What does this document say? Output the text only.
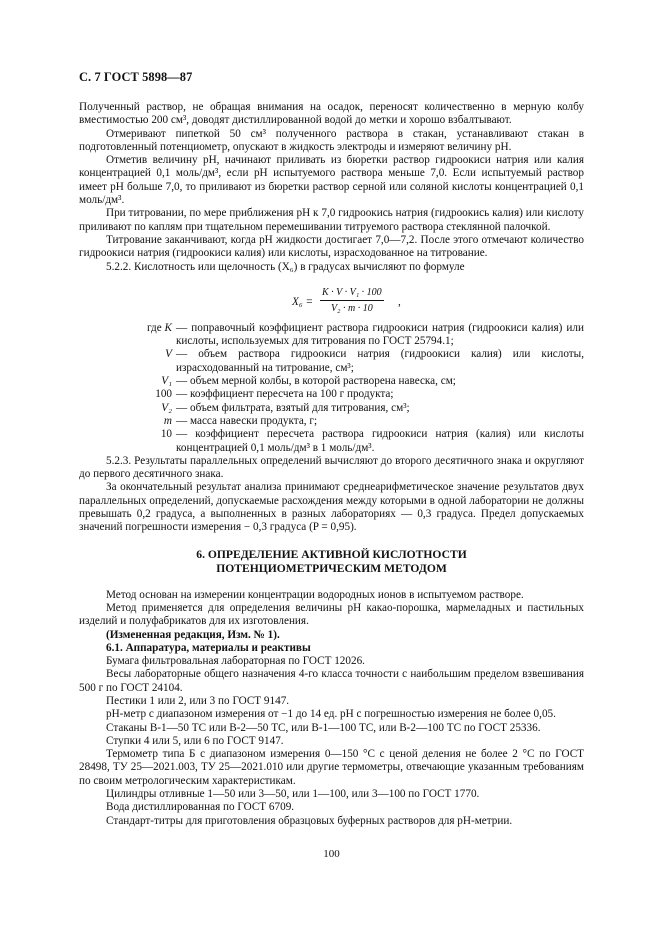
С. 7 ГОСТ 5898—87

Полученный раствор, не обращая внимания на осадок, переносят количественно в мерную колбу вместимостью 200 см³, доводят дистиллированной водой до метки и хорошо взбалтывают.

Отмеривают пипеткой 50 см³ полученного раствора в стакан, устанавливают стакан в подготовленный потенциометр, опускают в жидкость электроды и измеряют величину рН.

Отметив величину рН, начинают приливать из бюретки раствор гидроокиси натрия или калия концентрацией 0,1 моль/дм³, если рН испытуемого раствора меньше 7,0. Если испытуемый раствор имеет рН больше 7,0, то приливают из бюретки раствор серной или соляной кислоты концентрацией 0,1 моль/дм³.

При титровании, по мере приближения рН к 7,0 гидроокись натрия (гидроокись калия) или кислоту приливают по каплям при тщательном перемешивании титруемого раствора стеклянной палочкой.

Титрование заканчивают, когда рН жидкости достигает 7,0—7,2. После этого отмечают количество гидроокиси натрия (гидроокиси калия) или кислоты, израсходованное на титрование.

5.2.2. Кислотность или щелочность (X₆) в градусах вычисляют по формуле

$X_6 = \frac{\text{K · V · V₁ · 100}}{\text{V₂ · m · 10}}$ ,
где K — поправочный коэффициент раствора гидроокиси натрия (гидроокиси калия) или кислоты, используемых для титрования по ГОСТ 25794.1;
V — объем раствора гидроокиси натрия (гидроокиси калия) или кислоты, израсходованный на титрование, см³;
V₁ — объем мерной колбы, в которой растворена навеска, см;
100 — коэффициент пересчета на 100 г продукта;
V₂ — объем фильтрата, взятый для титрования, см³;
m — масса навески продукта, г;
10 — коэффициент пересчета раствора гидроокиси натрия (калия) или кислоты концентрацией 0,1 моль/дм³ в 1 моль/дм³.

5.2.3. Результаты параллельных определений вычисляют до второго десятичного знака и округляют до первого десятичного знака.

За окончательный результат анализа принимают среднеарифметическое значение результатов двух параллельных определений, допускаемые расхождения между которыми в одной лаборатории не должны превышать 0,2 градуса, а выполненных в разных лабораториях — 0,3 градуса. Предел допускаемых значений погрешности измерения − 0,3 градуса (P = 0,95).

6. ОПРЕДЕЛЕНИЕ АКТИВНОЙ КИСЛОТНОСТИ
ПОТЕНЦИОМЕТРИЧЕСКИМ МЕТОДОМ

Метод основан на измерении концентрации водородных ионов в испытуемом растворе.

Метод применяется для определения величины рН какао-порошка, мармеладных и пастильных изделий и полуфабрикатов для их изготовления.

(Измененная редакция, Изм. № 1).

6.1. Аппаратура, материалы и реактивы

Бумага фильтровальная лабораторная по ГОСТ 12026.

Весы лабораторные общего назначения 4-го класса точности с наибольшим пределом взвешивания 500 г по ГОСТ 24104.

Пестики 1 или 2, или 3 по ГОСТ 9147.

рН-метр с диапазоном измерения от −1 до 14 ед. рН с погрешностью измерения не более 0,05.

Стаканы В-1—50 ТС или В-2—50 ТС, или В-1—100 ТС, или В-2—100 ТС по ГОСТ 25336.

Ступки 4 или 5, или 6 по ГОСТ 9147.

Термометр типа Б с диапазоном измерения 0—150 °С с ценой деления не более 2 °С по ГОСТ 28498, ТУ 25—2021.003, ТУ 25—2021.010 или другие термометры, отвечающие указанным требованиям по своим метрологическим характеристикам.

Цилиндры отливные 1—50 или 3—50, или 1—100, или 3—100 по ГОСТ 1770.

Вода дистиллированная по ГОСТ 6709.

Стандарт-титры для приготовления образцовых буферных растворов для рН-метрии.

100
